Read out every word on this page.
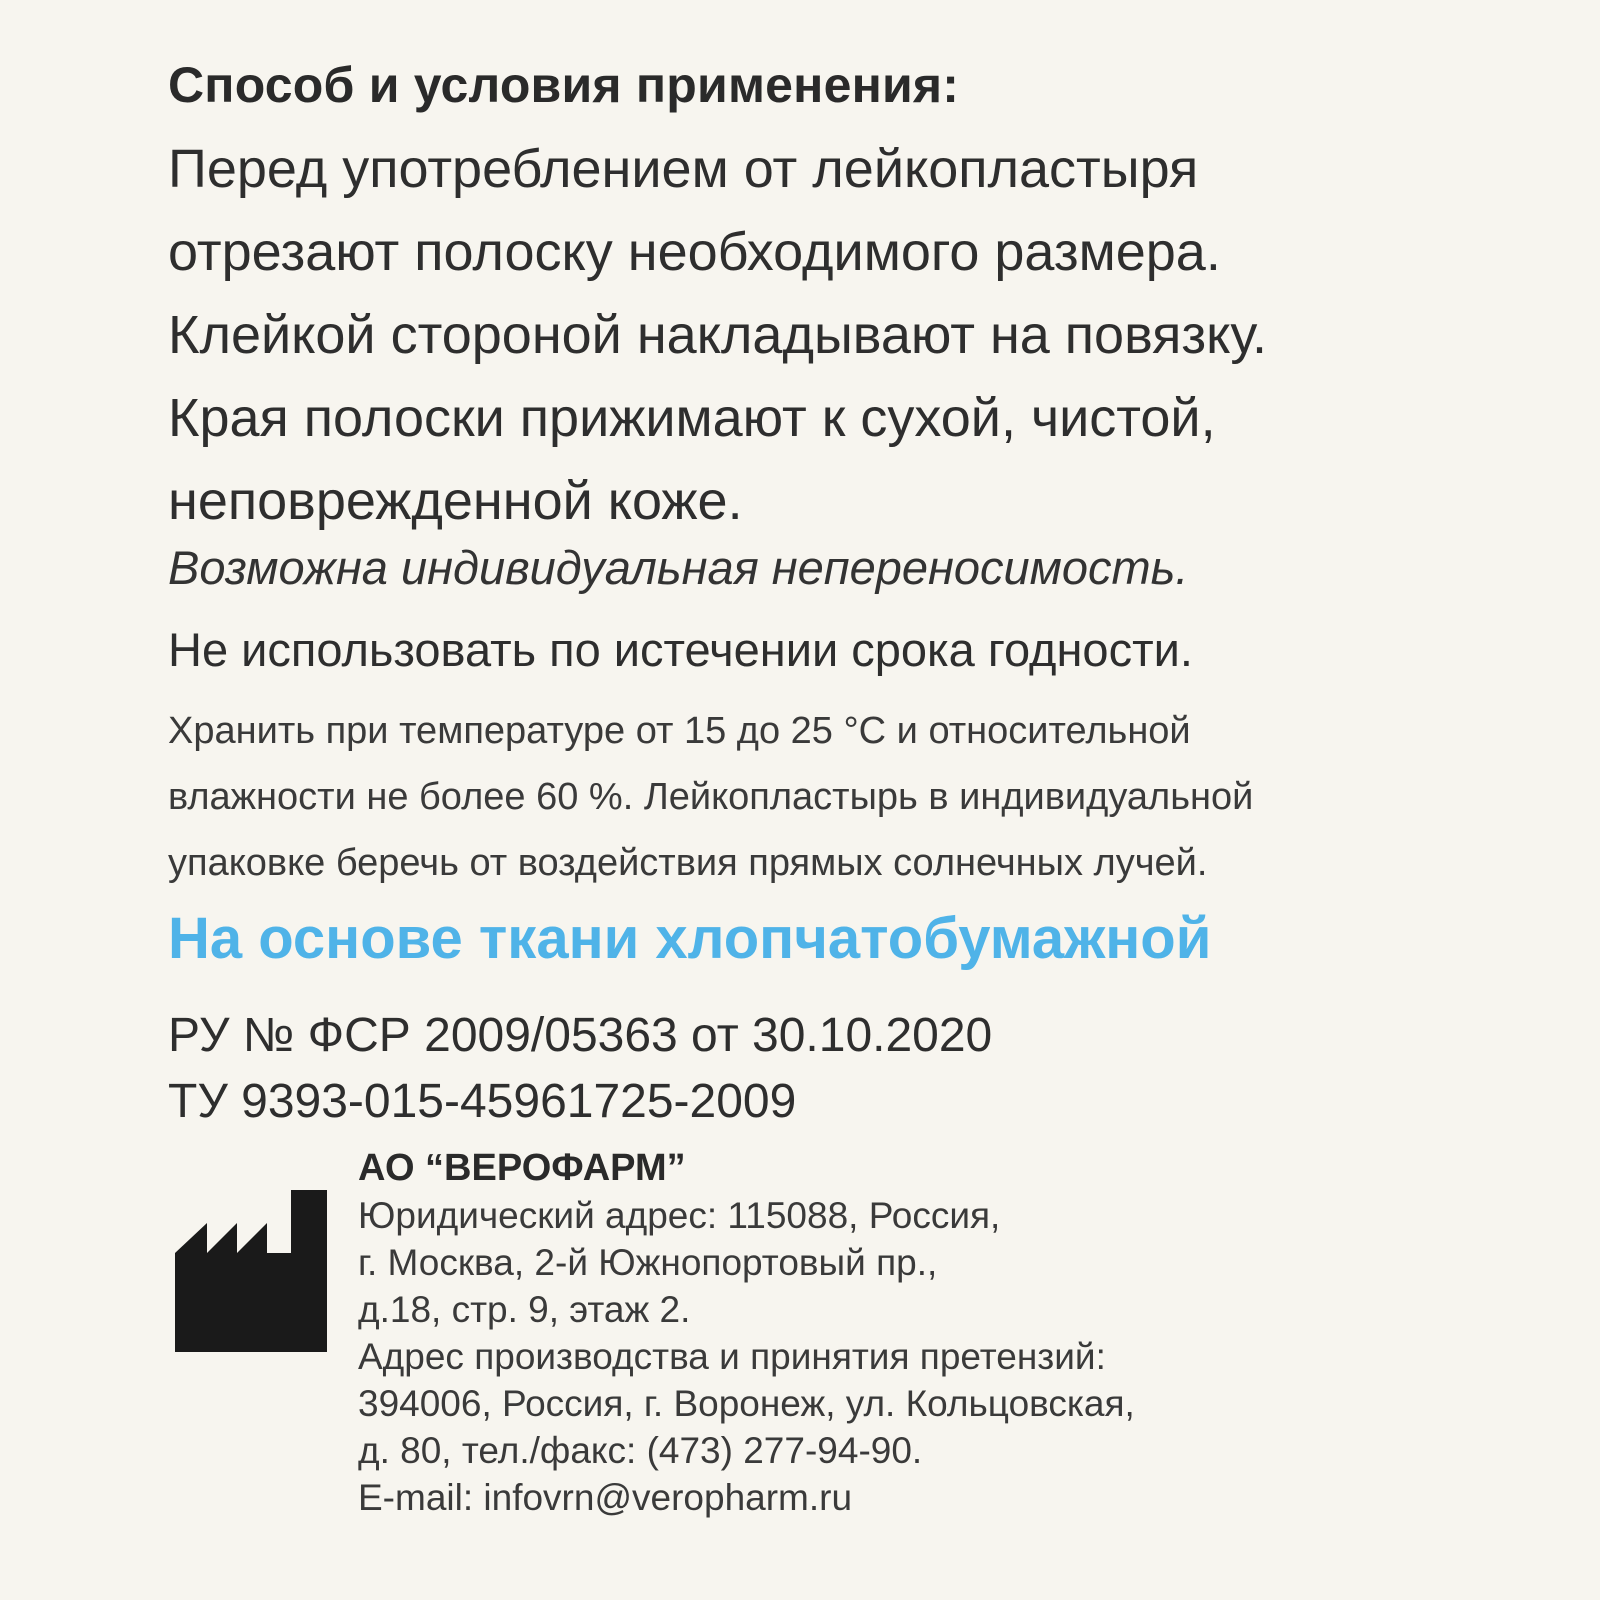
Способ и условия применения:
Перед употреблением от лейкопластыря
отрезают полоску необходимого размера.
Клейкой стороной накладывают на повязку.
Края полоски прижимают к сухой, чистой,
неповрежденной коже.
Возможна индивидуальная непереносимость.
Не использовать по истечении срока годности.
Хранить при температуре от 15 до 25 °С и относительной
влажности не более 60 %. Лейкопластырь в индивидуальной
упаковке беречь от воздействия прямых солнечных лучей.
На основе ткани хлопчатобумажной
РУ № ФСР 2009/05363 от 30.10.2020
ТУ 9393-015-45961725-2009
АО “ВЕРОФАРМ”
Юридический адрес: 115088, Россия,
г. Москва, 2-й Южнопортовый пр.,
д.18, стр. 9, этаж 2.
Адрес производства и принятия претензий:
394006, Россия, г. Воронеж, ул. Кольцовская,
д. 80, тел./факс: (473) 277-94-90.
E-mail: infovrn@veropharm.ru
